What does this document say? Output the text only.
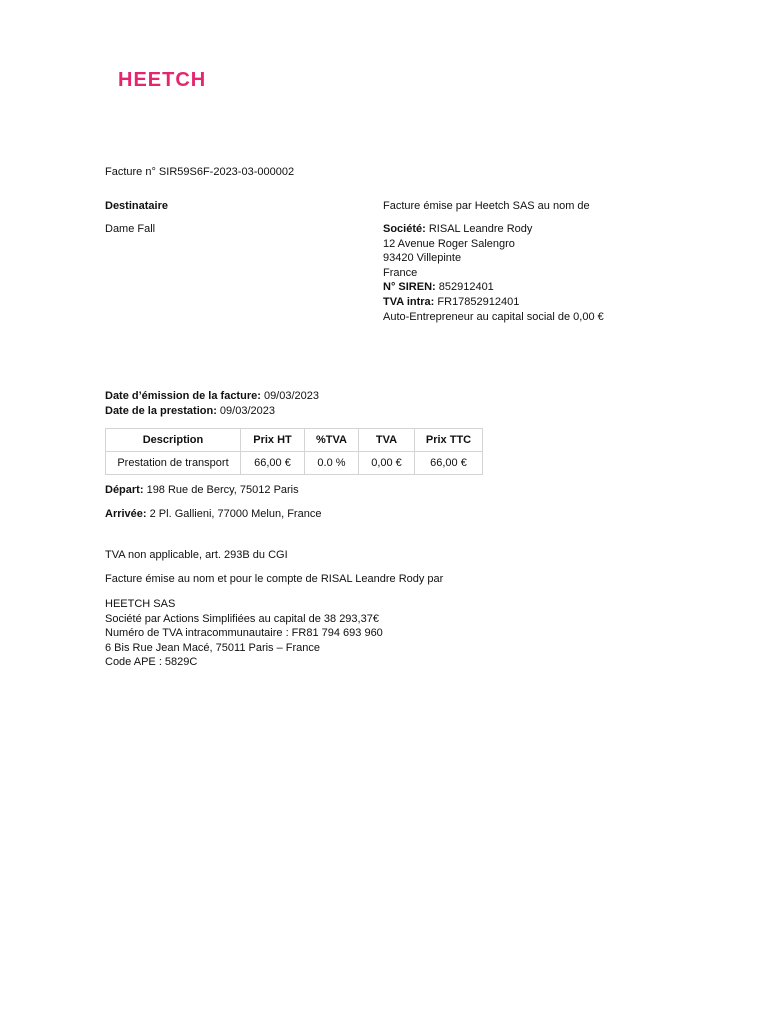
HEETCH
Facture n° SIR59S6F-2023-03-000002
Destinataire
Dame Fall
Facture émise par Heetch SAS au nom de
Société: RISAL Leandre Rody
12 Avenue Roger Salengro
93420 Villepinte
France
N° SIREN: 852912401
TVA intra: FR17852912401
Auto-Entrepreneur au capital social de 0,00 €
Date d’émission de la facture: 09/03/2023
Date de la prestation: 09/03/2023
Description	Prix HT	%TVA	TVA	Prix TTC
Prestation de transport	66,00 €	0.0 %	0,00 €	66,00 €
Départ: 198 Rue de Bercy, 75012 Paris
Arrivée: 2 Pl. Gallieni, 77000 Melun, France
TVA non applicable, art. 293B du CGI
Facture émise au nom et pour le compte de RISAL Leandre Rody par
HEETCH SAS
Société par Actions Simplifiées au capital de 38 293,37€
Numéro de TVA intracommunautaire : FR81 794 693 960
6 Bis Rue Jean Macé, 75011 Paris – France
Code APE : 5829C
